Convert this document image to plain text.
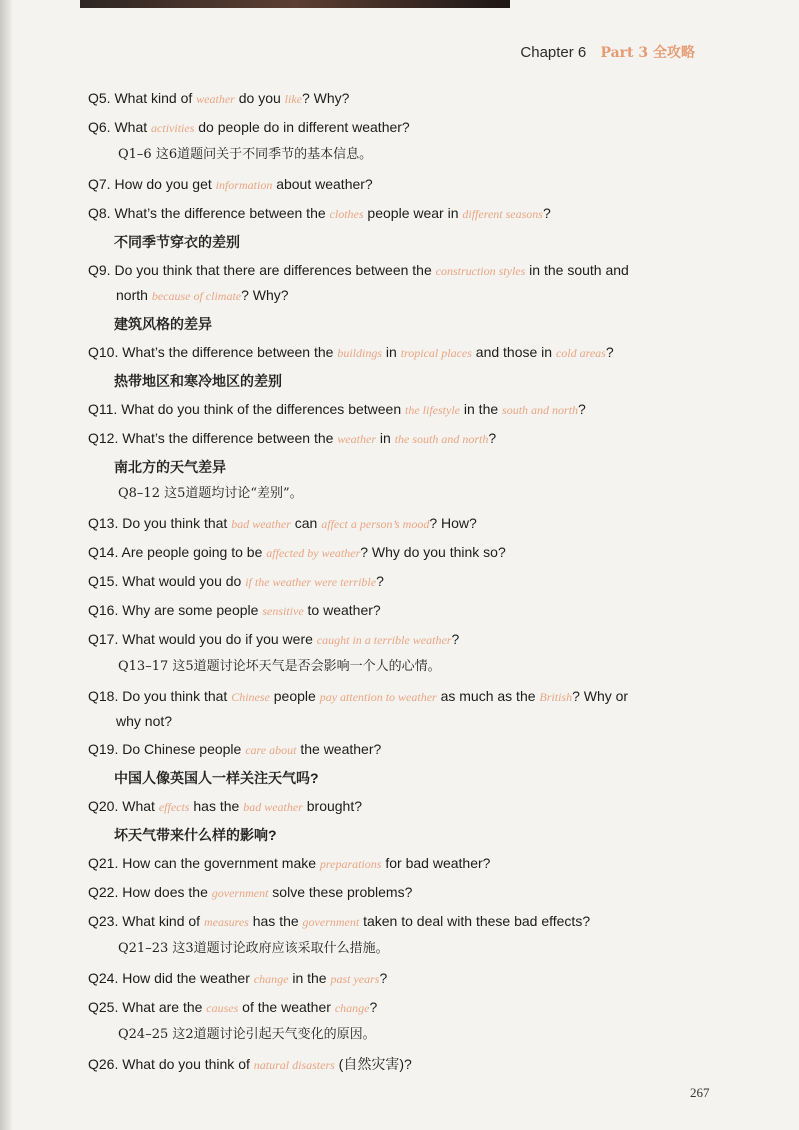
Chapter 6 Part 3 全攻略
Q5. What kind of weather do you like? Why?
Q6. What activities do people do in different weather?
Q1–6 这6道题问关于不同季节的基本信息。
Q7. How do you get information about weather?
Q8. What’s the difference between the clothes people wear in different seasons?
不同季节穿衣的差别
Q9. Do you think that there are differences between the construction styles in the south and
north because of climate? Why?
建筑风格的差异
Q10. What’s the difference between the buildings in tropical places and those in cold areas?
热带地区和寒冷地区的差别
Q11. What do you think of the differences between the lifestyle in the south and north?
Q12. What’s the difference between the weather in the south and north?
南北方的天气差异
Q8–12 这5道题均讨论“差别”。
Q13. Do you think that bad weather can affect a person’s mood? How?
Q14. Are people going to be affected by weather? Why do you think so?
Q15. What would you do if the weather were terrible?
Q16. Why are some people sensitive to weather?
Q17. What would you do if you were caught in a terrible weather?
Q13–17 这5道题讨论坏天气是否会影响一个人的心情。
Q18. Do you think that Chinese people pay attention to weather as much as the British? Why or
why not?
Q19. Do Chinese people care about the weather?
中国人像英国人一样关注天气吗?
Q20. What effects has the bad weather brought?
坏天气带来什么样的影响?
Q21. How can the government make preparations for bad weather?
Q22. How does the government solve these problems?
Q23. What kind of measures has the government taken to deal with these bad effects?
Q21–23 这3道题讨论政府应该采取什么措施。
Q24. How did the weather change in the past years?
Q25. What are the causes of the weather change?
Q24–25 这2道题讨论引起天气变化的原因。
Q26. What do you think of natural disasters (自然灾害)?
267
